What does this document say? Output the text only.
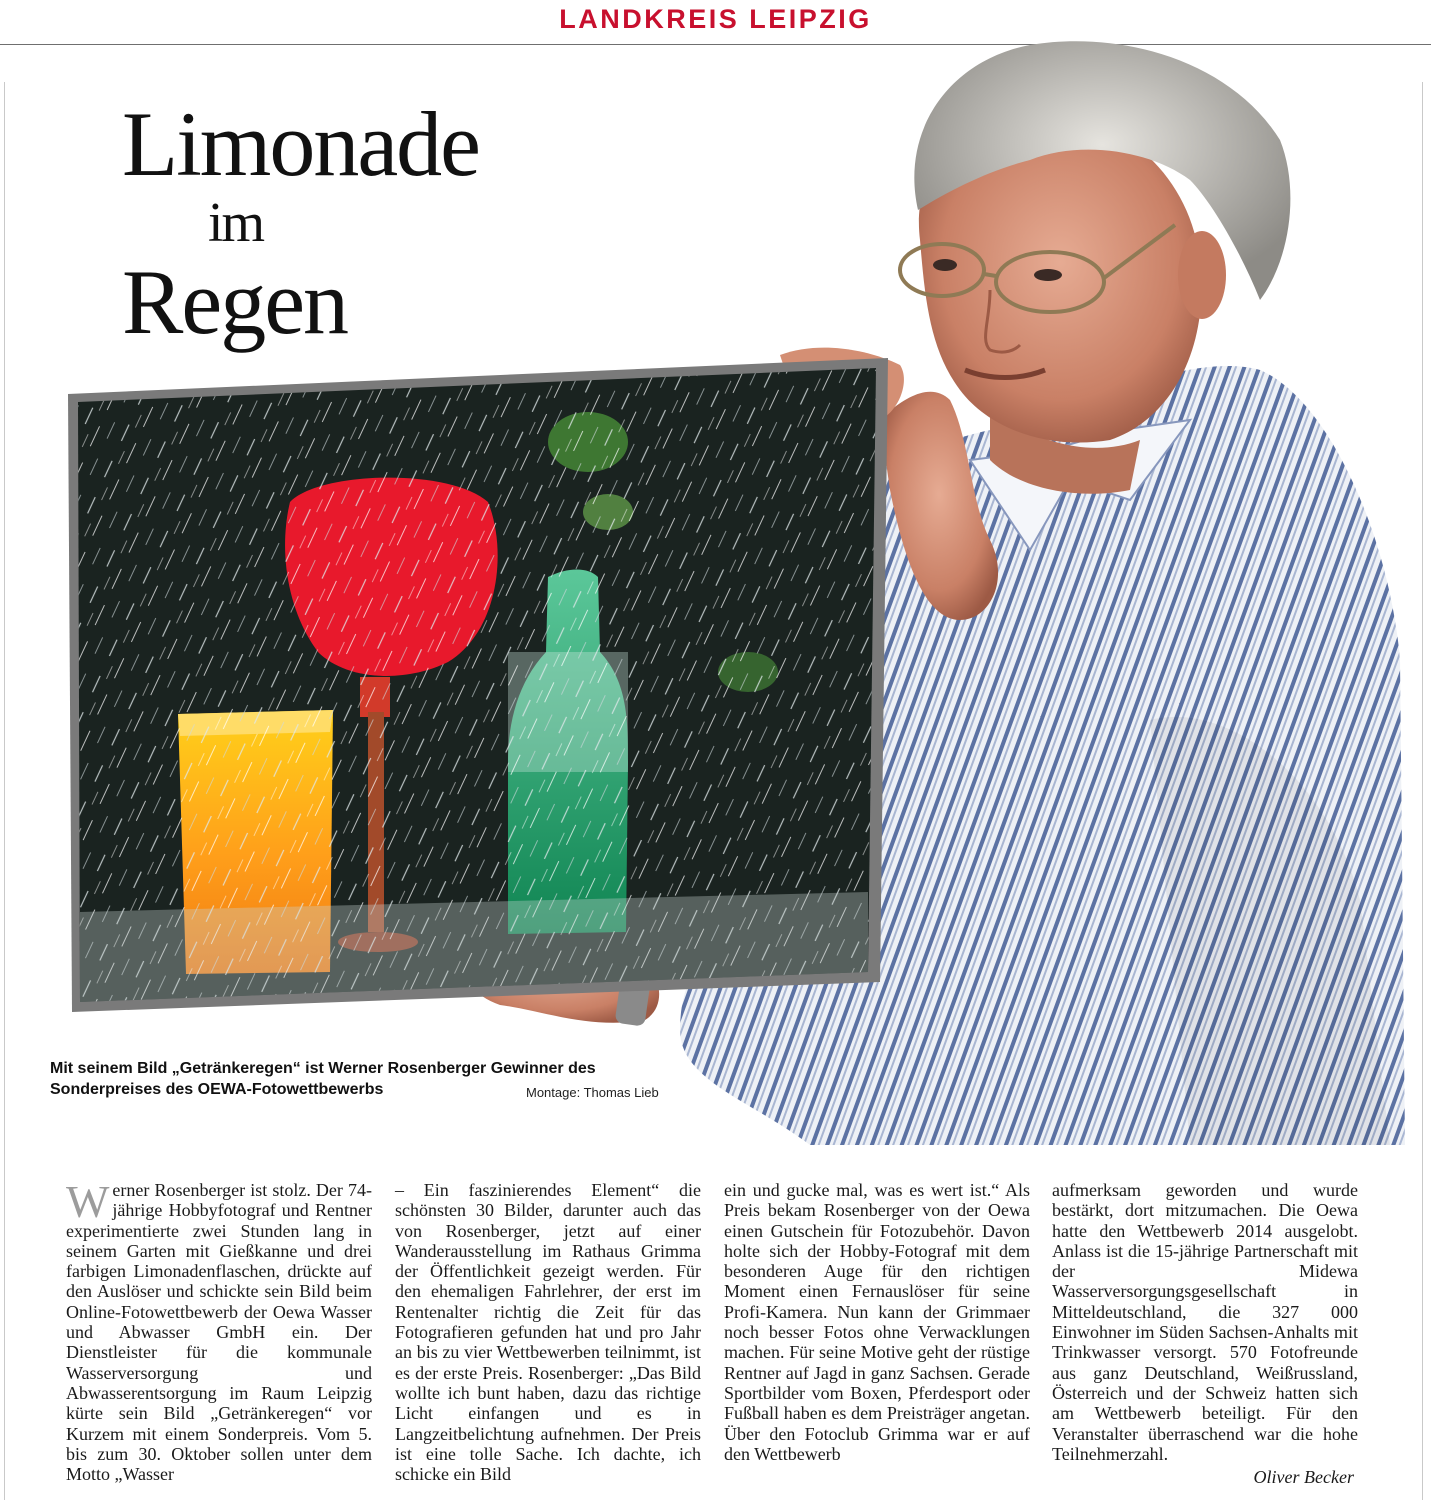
LANDKREIS LEIPZIG
Limonade
im
Regen
Mit seinem Bild „Getränkeregen“ ist Werner Rosenberger Gewinner des
Sonderpreises des OEWA-Fotowettbewerbs	Montage: Thomas Lieb
Werner Rosenberger ist stolz. Der 74-jährige Hobbyfotograf und Rentner experimentierte zwei Stunden lang in seinem Garten mit Gießkanne und drei farbigen Limonadenflaschen, drückte auf den Auslöser und schickte sein Bild beim Online-Fotowettbewerb der Oewa Wasser und Abwasser GmbH ein. Der Dienstleister für die kommunale Wasserversorgung und Abwasserentsorgung im Raum Leipzig kürte sein Bild „Getränkeregen“ vor Kurzem mit einem Sonderpreis. Vom 5. bis zum 30. Oktober sollen unter dem Motto „Wasser
– Ein faszinierendes Element“ die schönsten 30 Bilder, darunter auch das von Rosenberger, jetzt auf einer Wanderausstellung im Rathaus Grimma der Öffentlichkeit gezeigt werden. Für den ehemaligen Fahrlehrer, der erst im Rentenalter richtig die Zeit für das Fotografieren gefunden hat und pro Jahr an bis zu vier Wettbewerben teilnimmt, ist es der erste Preis. Rosenberger: „Das Bild wollte ich bunt haben, dazu das richtige Licht einfangen und es in Langzeitbelichtung aufnehmen. Der Preis ist eine tolle Sache. Ich dachte, ich schicke ein Bild
ein und gucke mal, was es wert ist.“ Als Preis bekam Rosenberger von der Oewa einen Gutschein für Fotozubehör. Davon holte sich der Hobby-Fotograf mit dem besonderen Auge für den richtigen Moment einen Fernauslöser für seine Profi-Kamera. Nun kann der Grimmaer noch besser Fotos ohne Verwacklungen machen. Für seine Motive geht der rüstige Rentner auf Jagd in ganz Sachsen. Gerade Sportbilder vom Boxen, Pferdesport oder Fußball haben es dem Preisträger angetan. Über den Fotoclub Grimma war er auf den Wettbewerb
aufmerksam geworden und wurde bestärkt, dort mitzumachen. Die Oewa hatte den Wettbewerb 2014 ausgelobt. Anlass ist die 15-jährige Partnerschaft mit der Midewa Wasserversorgungsgesellschaft in Mitteldeutschland, die 327 000 Einwohner im Süden Sachsen-Anhalts mit Trinkwasser versorgt. 570 Fotofreunde aus ganz Deutschland, Weißrussland, Österreich und der Schweiz hatten sich am Wettbewerb beteiligt. Für den Veranstalter überraschend war die hohe Teilnehmerzahl.
Oliver Becker
